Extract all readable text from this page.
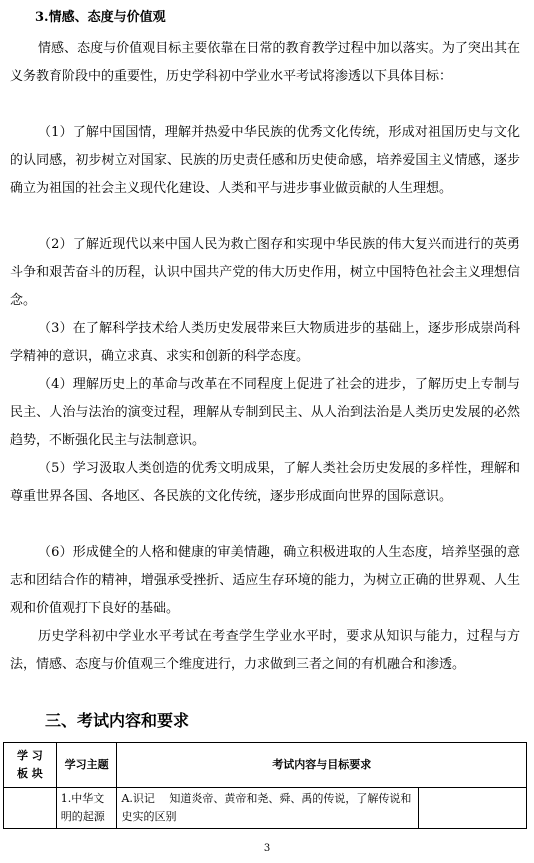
3.情感、态度与价值观
情感、态度与价值观目标主要依靠在日常的教育教学过程中加以落实。为了突出其在义务教育阶段中的重要性，历史学科初中学业水平考试将渗透以下具体目标：
（1）了解中国国情，理解并热爱中华民族的优秀文化传统，形成对祖国历史与文化的认同感，初步树立对国家、民族的历史责任感和历史使命感，培养爱国主义情感，逐步确立为祖国的社会主义现代化建设、人类和平与进步事业做贡献的人生理想。
（2）了解近现代以来中国人民为救亡图存和实现中华民族的伟大复兴而进行的英勇斗争和艰苦奋斗的历程，认识中国共产党的伟大历史作用，树立中国特色社会主义理想信念。
（3）在了解科学技术给人类历史发展带来巨大物质进步的基础上，逐步形成崇尚科学精神的意识，确立求真、求实和创新的科学态度。
（4）理解历史上的革命与改革在不同程度上促进了社会的进步，了解历史上专制与民主、人治与法治的演变过程，理解从专制到民主、从人治到法治是人类历史发展的必然趋势，不断强化民主与法制意识。
（5）学习汲取人类创造的优秀文明成果，了解人类社会历史发展的多样性，理解和尊重世界各国、各地区、各民族的文化传统，逐步形成面向世界的国际意识。
（6）形成健全的人格和健康的审美情趣，确立积极进取的人生态度，培养坚强的意志和团结合作的精神，增强承受挫折、适应生存环境的能力，为树立正确的世界观、人生观和价值观打下良好的基础。
历史学科初中学业水平考试在考查学生学业水平时，要求从知识与能力，过程与方法，情感、态度与价值观三个维度进行，力求做到三者之间的有机融合和渗透。
三、考试内容和要求
学 习
板 块	学习主题	考试内容与目标要求	
	1.中华文明的起源	A.识记　 知道炎帝、黄帝和尧、舜、禹的传说，了解传说和史实的区别	
3
